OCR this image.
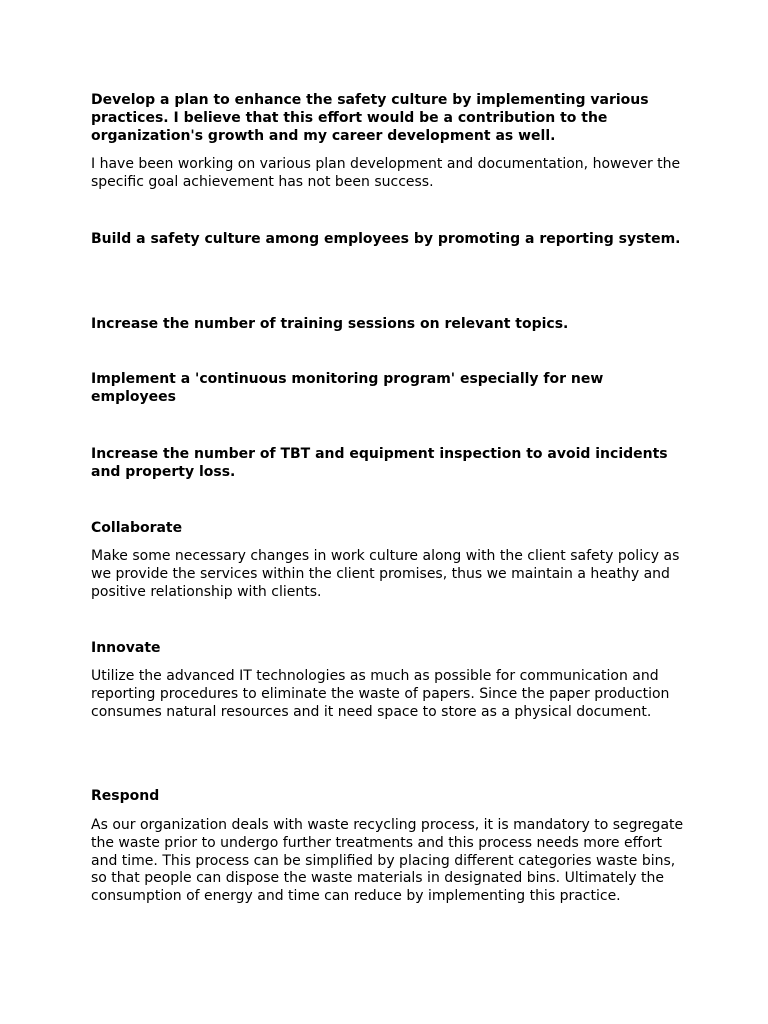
Develop a plan to enhance the safety culture by implementing various practices. I believe that this effort would be a contribution to the organization's growth and my career development as well.

I have been working on various plan development and documentation, however the specific goal achievement has not been success.

Build a safety culture among employees by promoting a reporting system.

Increase the number of training sessions on relevant topics.

Implement a 'continuous monitoring program' especially for new employees

Increase the number of TBT and equipment inspection to avoid incidents and property loss.

Collaborate

Make some necessary changes in work culture along with the client safety policy as we provide the services within the client promises, thus we maintain a heathy and positive relationship with clients.

Innovate

Utilize the advanced IT technologies as much as possible for communication and reporting procedures to eliminate the waste of papers. Since the paper production consumes natural resources and it need space to store as a physical document.

Respond

As our organization deals with waste recycling process, it is mandatory to segregate the waste prior to undergo further treatments and this process needs more effort and time. This process can be simplified by placing different categories waste bins, so that people can dispose the waste materials in designated bins. Ultimately the consumption of energy and time can reduce by implementing this practice.
